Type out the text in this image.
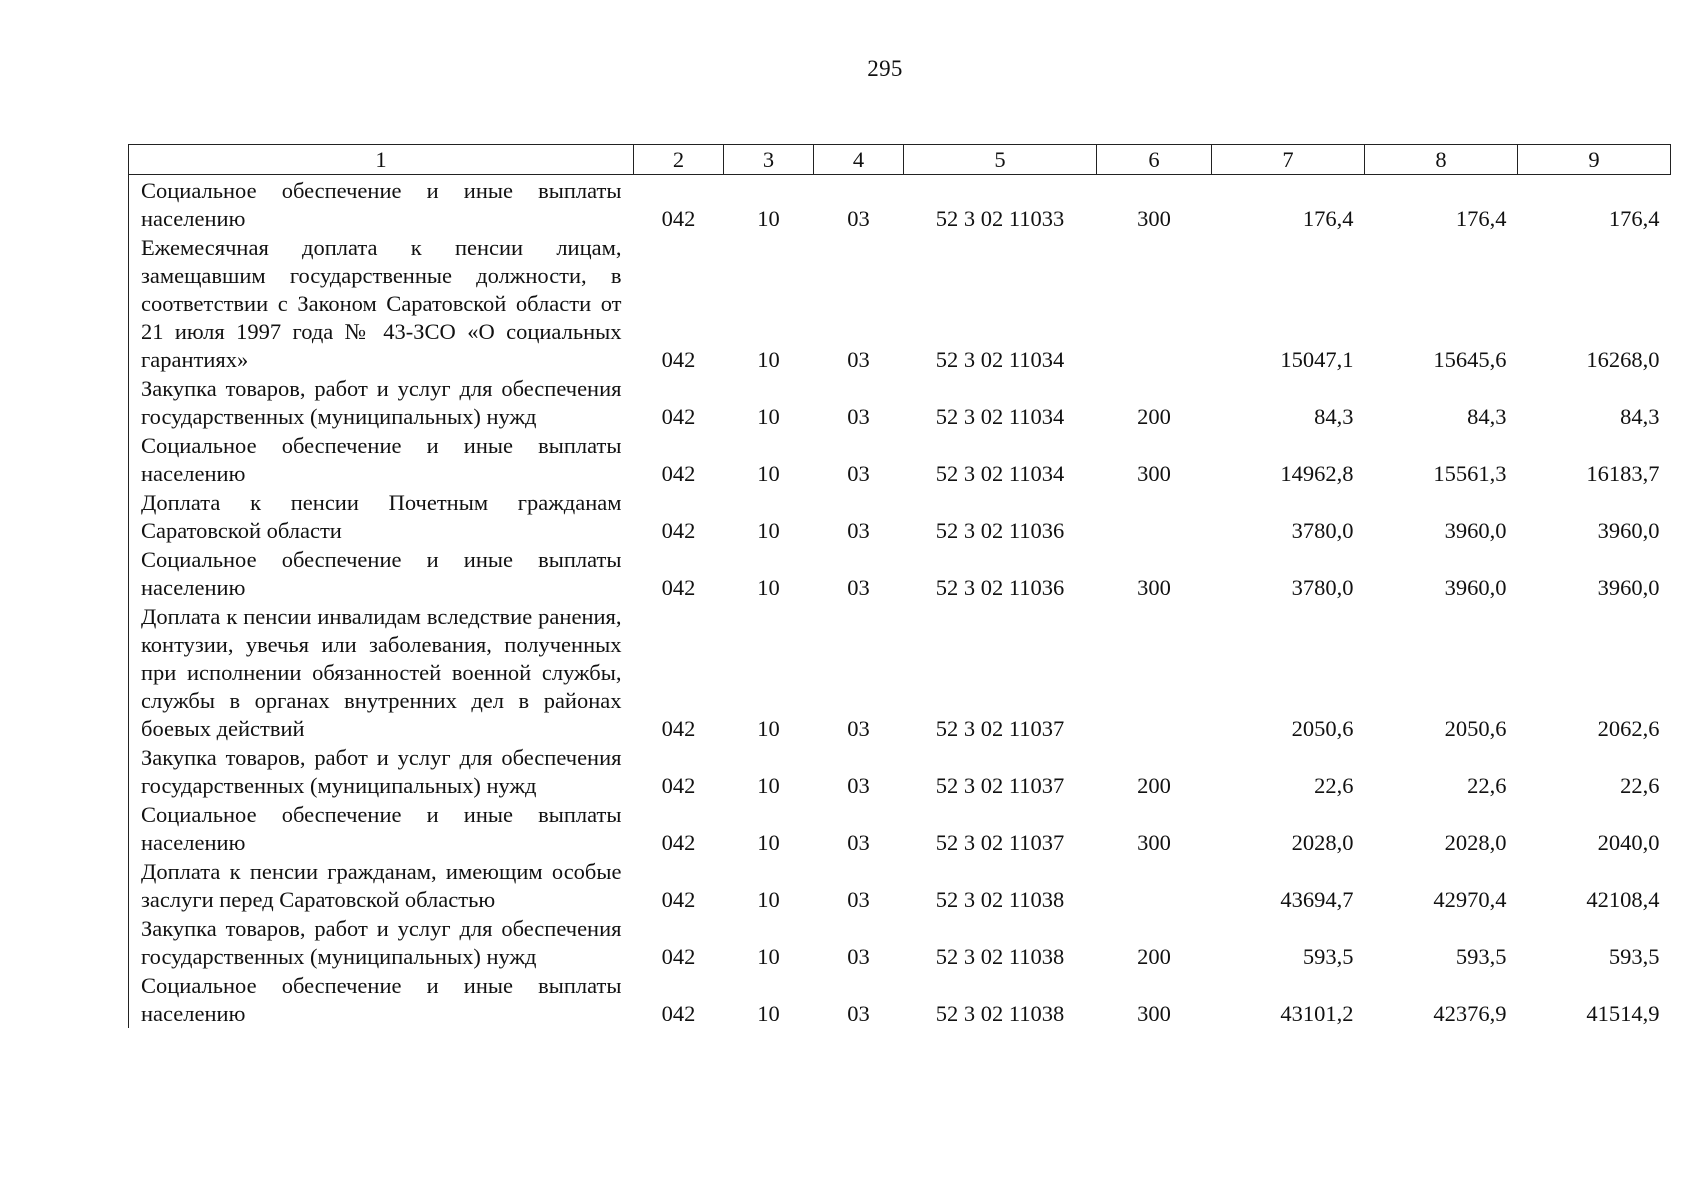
295
1	2	3	4	5	6	7	8	9
Социальное обеспечение и иные выплаты населению	042	10	03	52 3 02 11033	300	176,4	176,4	176,4
Ежемесячная доплата к пенсии лицам, замещавшим государственные должности, в соответствии с Законом Саратовской области от 21 июля 1997 года № 43-ЗСО «О социальных гарантиях»	042	10	03	52 3 02 11034		15047,1	15645,6	16268,0
Закупка товаров, работ и услуг для обеспечения государственных (муниципальных) нужд	042	10	03	52 3 02 11034	200	84,3	84,3	84,3
Социальное обеспечение и иные выплаты населению	042	10	03	52 3 02 11034	300	14962,8	15561,3	16183,7
Доплата к пенсии Почетным гражданам Саратовской области	042	10	03	52 3 02 11036		3780,0	3960,0	3960,0
Социальное обеспечение и иные выплаты населению	042	10	03	52 3 02 11036	300	3780,0	3960,0	3960,0
Доплата к пенсии инвалидам вследствие ранения, контузии, увечья или заболевания, полученных при исполнении обязанностей военной службы, службы в органах внутренних дел в районах боевых действий	042	10	03	52 3 02 11037		2050,6	2050,6	2062,6
Закупка товаров, работ и услуг для обеспечения государственных (муниципальных) нужд	042	10	03	52 3 02 11037	200	22,6	22,6	22,6
Социальное обеспечение и иные выплаты населению	042	10	03	52 3 02 11037	300	2028,0	2028,0	2040,0
Доплата к пенсии гражданам, имеющим особые заслуги перед Саратовской областью	042	10	03	52 3 02 11038		43694,7	42970,4	42108,4
Закупка товаров, работ и услуг для обеспечения государственных (муниципальных) нужд	042	10	03	52 3 02 11038	200	593,5	593,5	593,5
Социальное обеспечение и иные выплаты населению	042	10	03	52 3 02 11038	300	43101,2	42376,9	41514,9
